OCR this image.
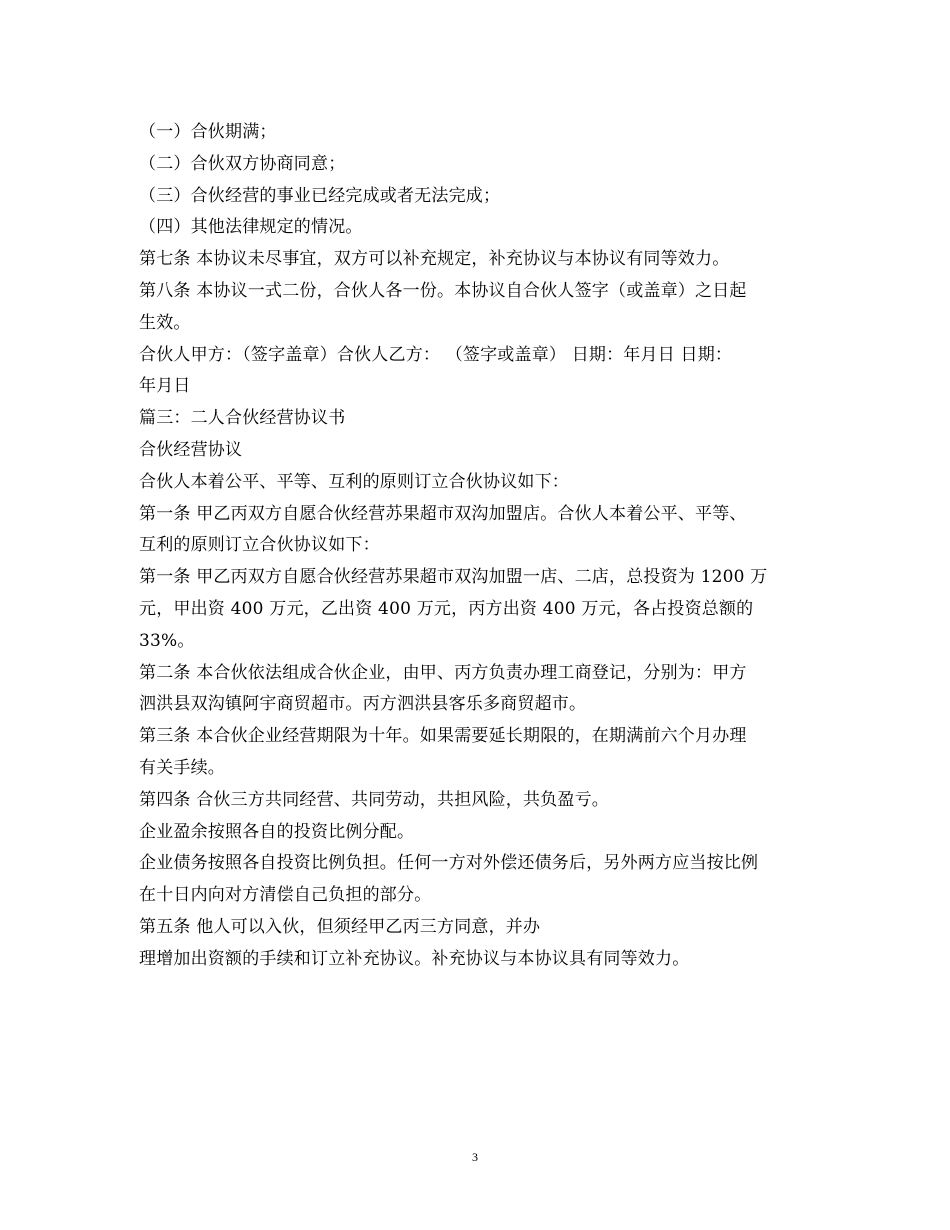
（一）合伙期满；
（二）合伙双方协商同意；
（三）合伙经营的事业已经完成或者无法完成；
（四）其他法律规定的情况。
第七条 本协议未尽事宜，双方可以补充规定，补充协议与本协议有同等效力。
第八条 本协议一式二份，合伙人各一份。本协议自合伙人签字（或盖章）之日起
生效。
合伙人甲方：（签字盖章）合伙人乙方： （签字或盖章） 日期：年月日 日期：
年月日
篇三：二人合伙经营协议书
合伙经营协议
合伙人本着公平、平等、互利的原则订立合伙协议如下：
第一条 甲乙丙双方自愿合伙经营苏果超市双沟加盟店。合伙人本着公平、平等、
互利的原则订立合伙协议如下：
第一条 甲乙丙双方自愿合伙经营苏果超市双沟加盟一店、二店，总投资为 1200 万
元，甲出资 400 万元，乙出资 400 万元，丙方出资 400 万元，各占投资总额的
33%。
第二条 本合伙依法组成合伙企业，由甲、丙方负责办理工商登记，分别为：甲方
泗洪县双沟镇阿宇商贸超市。丙方泗洪县客乐多商贸超市。
第三条 本合伙企业经营期限为十年。如果需要延长期限的，在期满前六个月办理
有关手续。
第四条 合伙三方共同经营、共同劳动，共担风险，共负盈亏。
企业盈余按照各自的投资比例分配。
企业债务按照各自投资比例负担。任何一方对外偿还债务后，另外两方应当按比例
在十日内向对方清偿自己负担的部分。
第五条 他人可以入伙，但须经甲乙丙三方同意，并办
理增加出资额的手续和订立补充协议。补充协议与本协议具有同等效力。
3
